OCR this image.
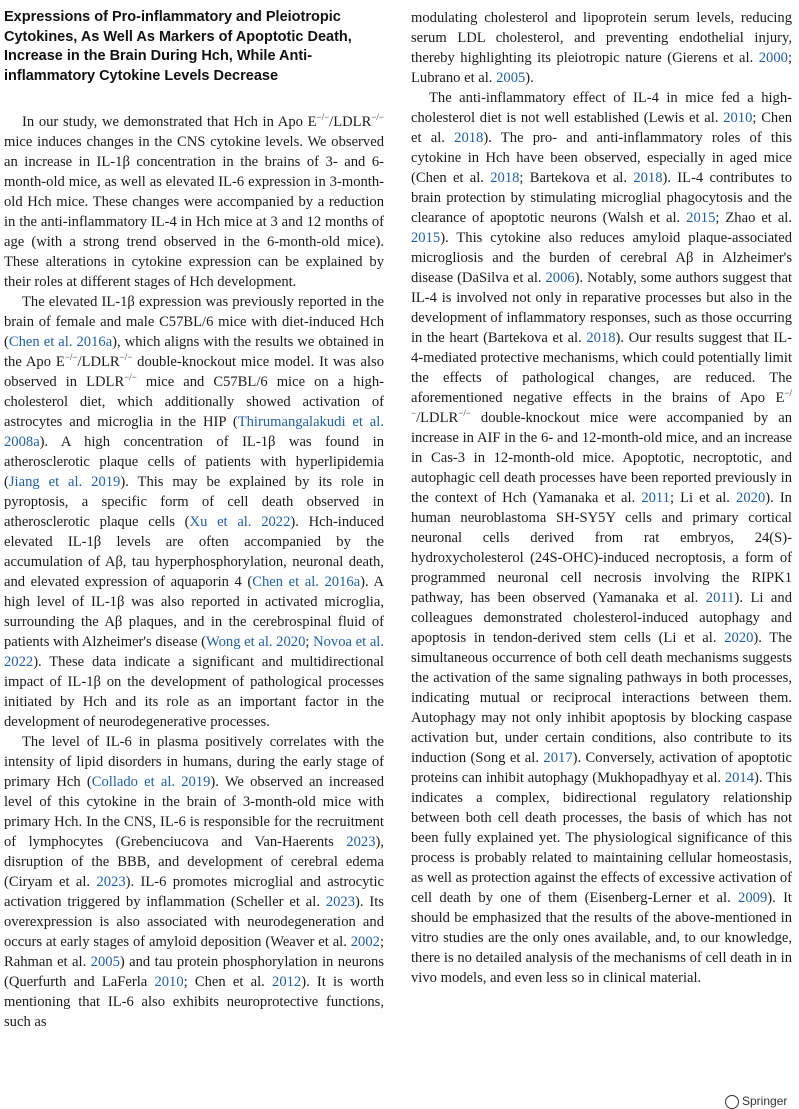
Expressions of Pro-inflammatory and Pleiotropic Cytokines, As Well As Markers of Apoptotic Death, Increase in the Brain During Hch, While Anti-inflammatory Cytokine Levels Decrease

In our study, we demonstrated that Hch in Apo E−/−/LDLR−/− mice induces changes in the CNS cytokine levels. We observed an increase in IL-1β concentration in the brains of 3- and 6-month-old mice, as well as elevated IL-6 expression in 3-month-old Hch mice. These changes were accompanied by a reduction in the anti-inflammatory IL-4 in Hch mice at 3 and 12 months of age (with a strong trend observed in the 6-month-old mice). These alterations in cytokine expression can be explained by their roles at different stages of Hch development.

The elevated IL-1β expression was previously reported in the brain of female and male C57BL/6 mice with diet-induced Hch (Chen et al. 2016a), which aligns with the results we obtained in the Apo E−/−/LDLR−/− double-knockout mice model. It was also observed in LDLR−/− mice and C57BL/6 mice on a high-cholesterol diet, which additionally showed activation of astrocytes and microglia in the HIP (Thirumangalakudi et al. 2008a). A high concentration of IL-1β was found in atherosclerotic plaque cells of patients with hyperlipidemia (Jiang et al. 2019). This may be explained by its role in pyroptosis, a specific form of cell death observed in atherosclerotic plaque cells (Xu et al. 2022). Hch-induced elevated IL-1β levels are often accompanied by the accumulation of Aβ, tau hyperphosphorylation, neuronal death, and elevated expression of aquaporin 4 (Chen et al. 2016a). A high level of IL-1β was also reported in activated microglia, surrounding the Aβ plaques, and in the cerebrospinal fluid of patients with Alzheimer's disease (Wong et al. 2020; Novoa et al. 2022). These data indicate a significant and multidirectional impact of IL-1β on the development of pathological processes initiated by Hch and its role as an important factor in the development of neurodegenerative processes.

The level of IL-6 in plasma positively correlates with the intensity of lipid disorders in humans, during the early stage of primary Hch (Collado et al. 2019). We observed an increased level of this cytokine in the brain of 3-month-old mice with primary Hch. In the CNS, IL-6 is responsible for the recruitment of lymphocytes (Grebenciucova and Van-Haerents 2023), disruption of the BBB, and development of cerebral edema (Ciryam et al. 2023). IL-6 promotes microglial and astrocytic activation triggered by inflammation (Scheller et al. 2023). Its overexpression is also associated with neurodegeneration and occurs at early stages of amyloid deposition (Weaver et al. 2002; Rahman et al. 2005) and tau protein phosphorylation in neurons (Querfurth and LaFerla 2010; Chen et al. 2012). It is worth mentioning that IL-6 also exhibits neuroprotective functions, such as

modulating cholesterol and lipoprotein serum levels, reducing serum LDL cholesterol, and preventing endothelial injury, thereby highlighting its pleiotropic nature (Gierens et al. 2000; Lubrano et al. 2005).

The anti-inflammatory effect of IL-4 in mice fed a high-cholesterol diet is not well established (Lewis et al. 2010; Chen et al. 2018). The pro- and anti-inflammatory roles of this cytokine in Hch have been observed, especially in aged mice (Chen et al. 2018; Bartekova et al. 2018). IL-4 contributes to brain protection by stimulating microglial phagocytosis and the clearance of apoptotic neurons (Walsh et al. 2015; Zhao et al. 2015). This cytokine also reduces amyloid plaque-associated microgliosis and the burden of cerebral Aβ in Alzheimer's disease (DaSilva et al. 2006). Notably, some authors suggest that IL-4 is involved not only in reparative processes but also in the development of inflammatory responses, such as those occurring in the heart (Bartekova et al. 2018). Our results suggest that IL-4-mediated protective mechanisms, which could potentially limit the effects of pathological changes, are reduced. The aforementioned negative effects in the brains of Apo E−/−/LDLR−/− double-knockout mice were accompanied by an increase in AIF in the 6- and 12-month-old mice, and an increase in Cas-3 in 12-month-old mice. Apoptotic, necroptotic, and autophagic cell death processes have been reported previously in the context of Hch (Yamanaka et al. 2011; Li et al. 2020). In human neuroblastoma SH-SY5Y cells and primary cortical neuronal cells derived from rat embryos, 24(S)-hydroxycholesterol (24S-OHC)-induced necroptosis, a form of programmed neuronal cell necrosis involving the RIPK1 pathway, has been observed (Yamanaka et al. 2011). Li and colleagues demonstrated cholesterol-induced autophagy and apoptosis in tendon-derived stem cells (Li et al. 2020). The simultaneous occurrence of both cell death mechanisms suggests the activation of the same signaling pathways in both processes, indicating mutual or reciprocal interactions between them. Autophagy may not only inhibit apoptosis by blocking caspase activation but, under certain conditions, also contribute to its induction (Song et al. 2017). Conversely, activation of apoptotic proteins can inhibit autophagy (Mukhopadhyay et al. 2014). This indicates a complex, bidirectional regulatory relationship between both cell death processes, the basis of which has not been fully explained yet. The physiological significance of this process is probably related to maintaining cellular homeostasis, as well as protection against the effects of excessive activation of cell death by one of them (Eisenberg-Lerner et al. 2009). It should be emphasized that the results of the above-mentioned in vitro studies are the only ones available, and, to our knowledge, there is no detailed analysis of the mechanisms of cell death in in vivo models, and even less so in clinical material.

Springer
